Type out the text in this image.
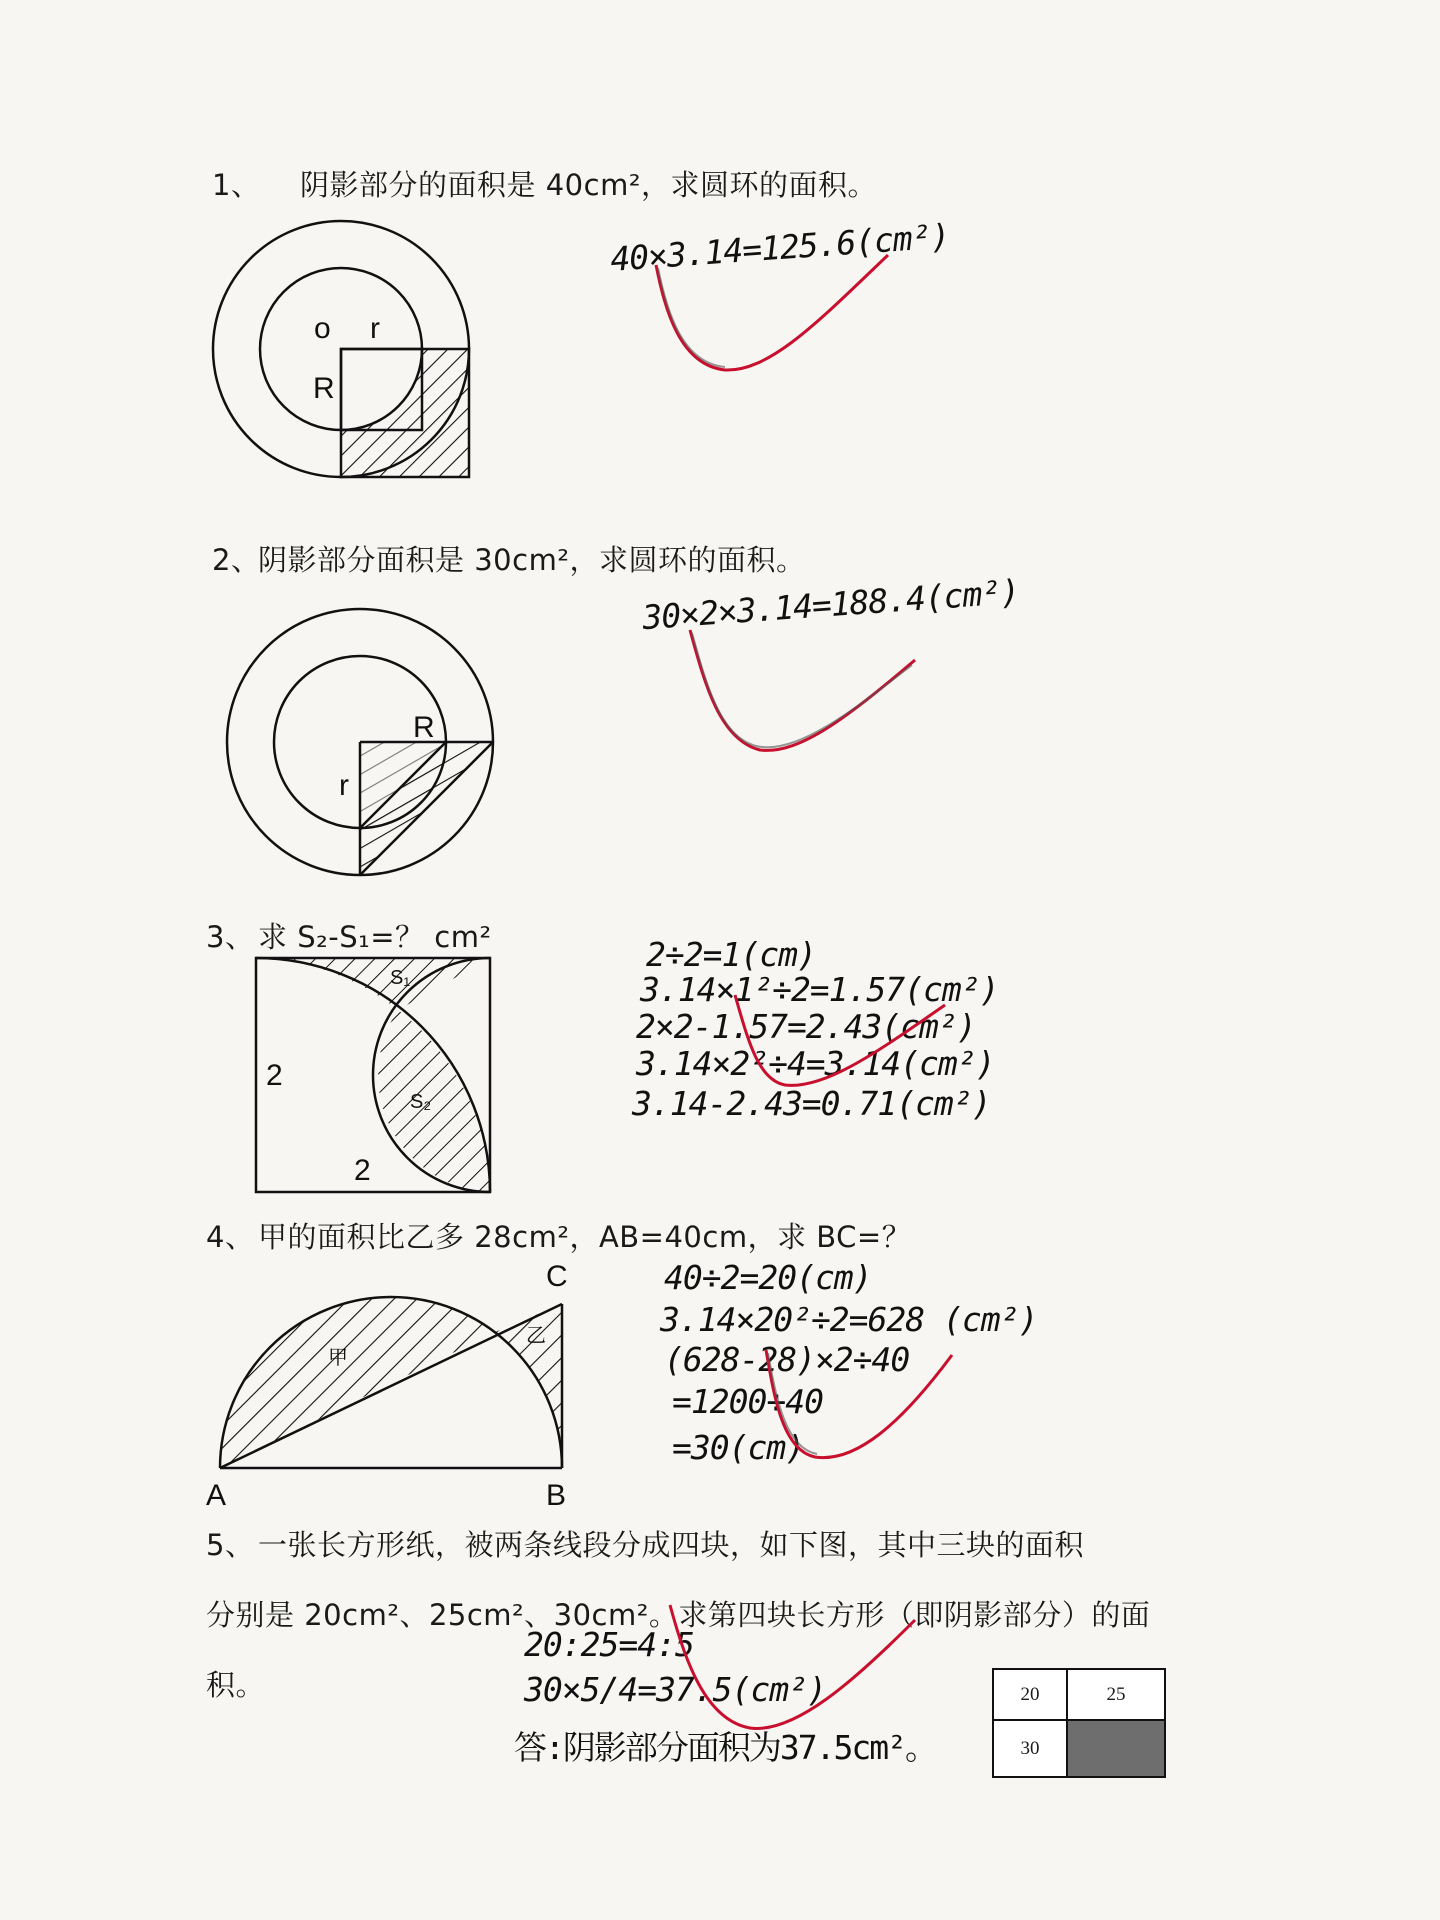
1、 阴影部分的面积是 40cm²，求圆环的面积。
o r
R
40×3.14=125.6(cm²)
2、
阴影部分面积是 30cm²，求圆环的面积。
R
r
30×2×3.14=188.4(cm²)
3、 求 S₂-S₁=？ cm²
S₁
S₂
2
2
2÷2=1(cm)
3.14×1²÷2=1.57(cm²)
2×2-1.57=2.43(cm²)
3.14×2²÷4=3.14(cm²)
3.14-2.43=0.71(cm²)
4、 甲的面积比乙多 28cm²，AB=40cm，求 BC=？
甲
乙
C
A	B
40÷2=20(cm)
3.14×20²÷2=628 (cm²)
(628-28)×2÷40
=1200÷40
=30(cm)
5、 一张长方形纸，被两条线段分成四块，如下图，其中三块的面积
分别是 20cm²、25cm²、30cm²。求第四块长方形（即阴影部分）的面
积。
20:25=4:5
30×5/4=37.5(cm²)
答:阴影部分面积为37.5cm²。
20	25
30
